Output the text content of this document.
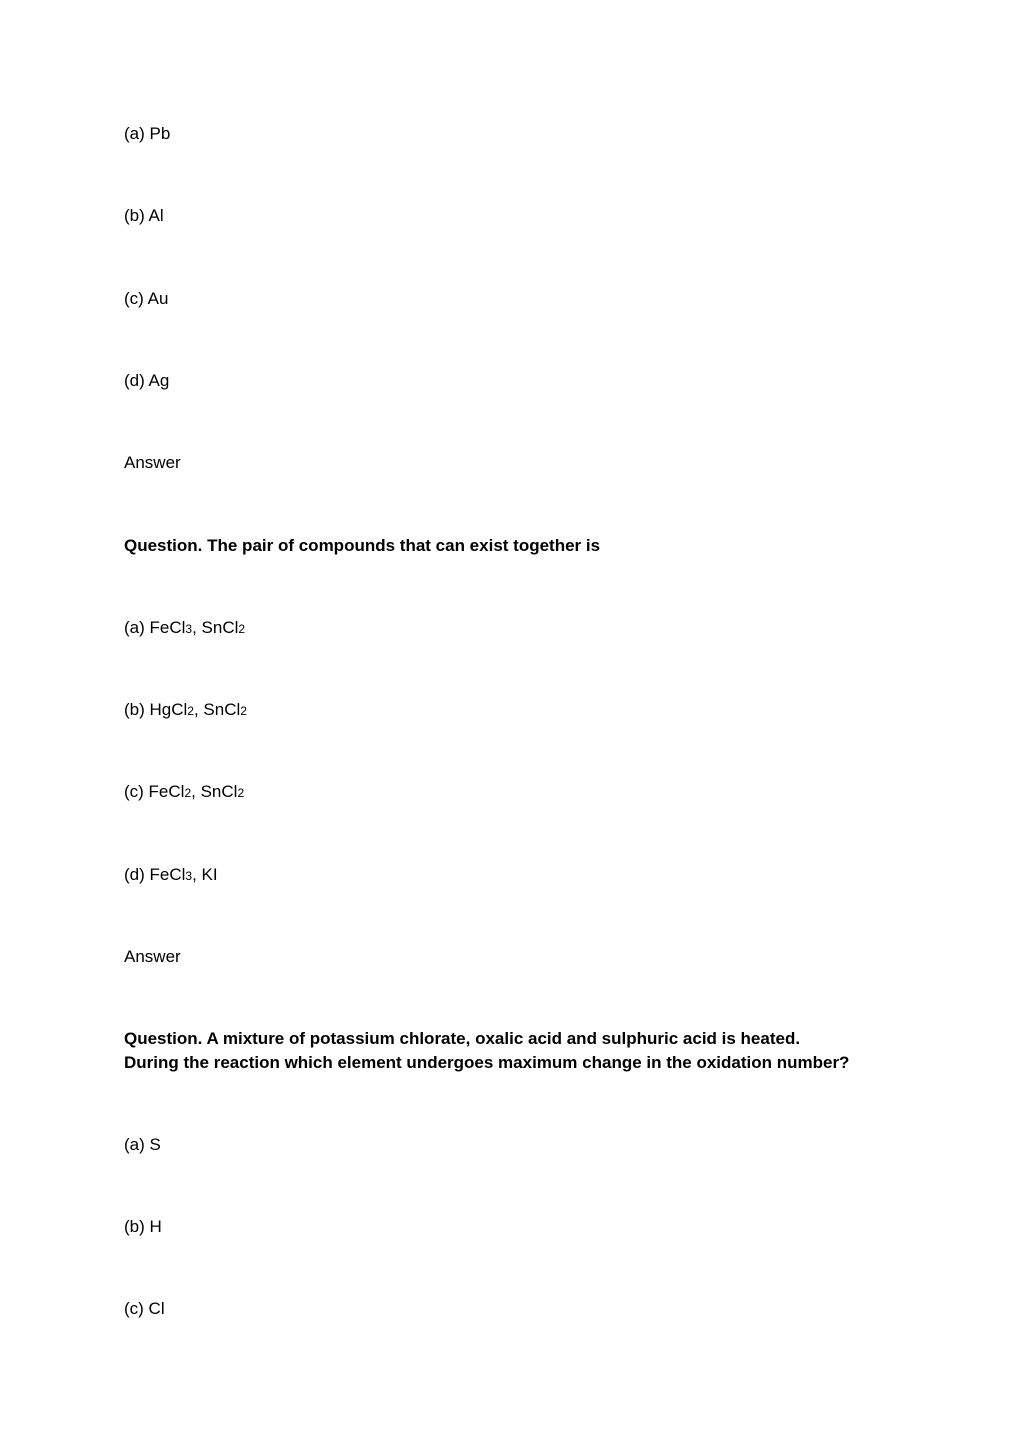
(a) Pb
(b) Al
(c) Au
(d) Ag
Answer
Question. The pair of compounds that can exist together is
(a) FeCl3, SnCl2
(b) HgCl2, SnCl2
(c) FeCl2, SnCl2
(d) FeCl3, KI
Answer
Question. A mixture of potassium chlorate, oxalic acid and sulphuric acid is heated.
During the reaction which element undergoes maximum change in the oxidation number?
(a) S
(b) H
(c) Cl
